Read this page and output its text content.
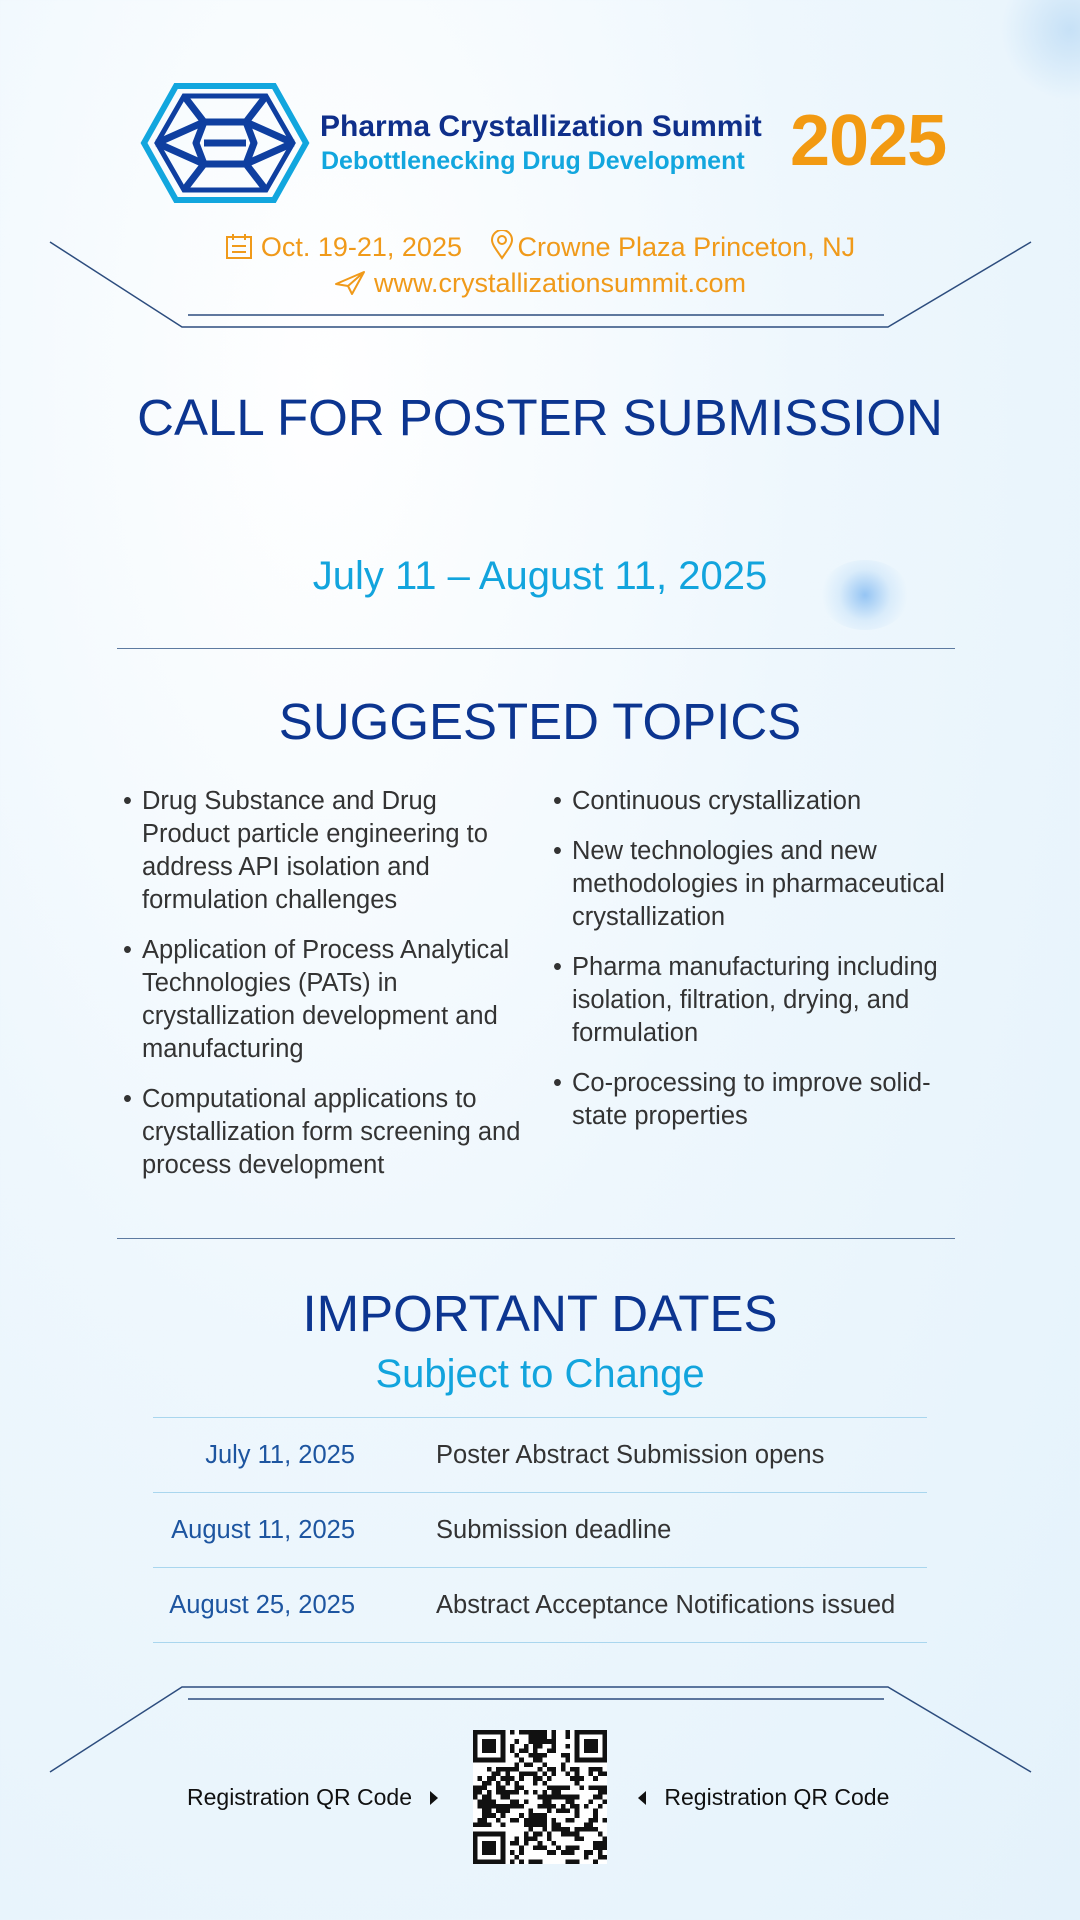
Pharma Crystallization Summit
Debottlenecking Drug Development 2025
Oct. 19-21, 2025 Crowne Plaza Princeton, NJ
www.crystallizationsummit.com
CALL FOR POSTER SUBMISSION
July 11 – August 11, 2025
SUGGESTED TOPICS
• Drug Substance and Drug Product particle engineering to address API isolation and formulation challenges
• Application of Process Analytical Technologies (PATs) in crystallization development and manufacturing
• Computational applications to crystallization form screening and process development
• Continuous crystallization
• New technologies and new methodologies in pharmaceutical crystallization
• Pharma manufacturing including isolation, filtration, drying, and formulation
• Co-processing to improve solid-state properties
IMPORTANT DATES
Subject to Change
July 11, 2025	Poster Abstract Submission opens
August 11, 2025	Submission deadline
August 25, 2025	Abstract Acceptance Notifications issued
Registration QR Code	Registration QR Code
